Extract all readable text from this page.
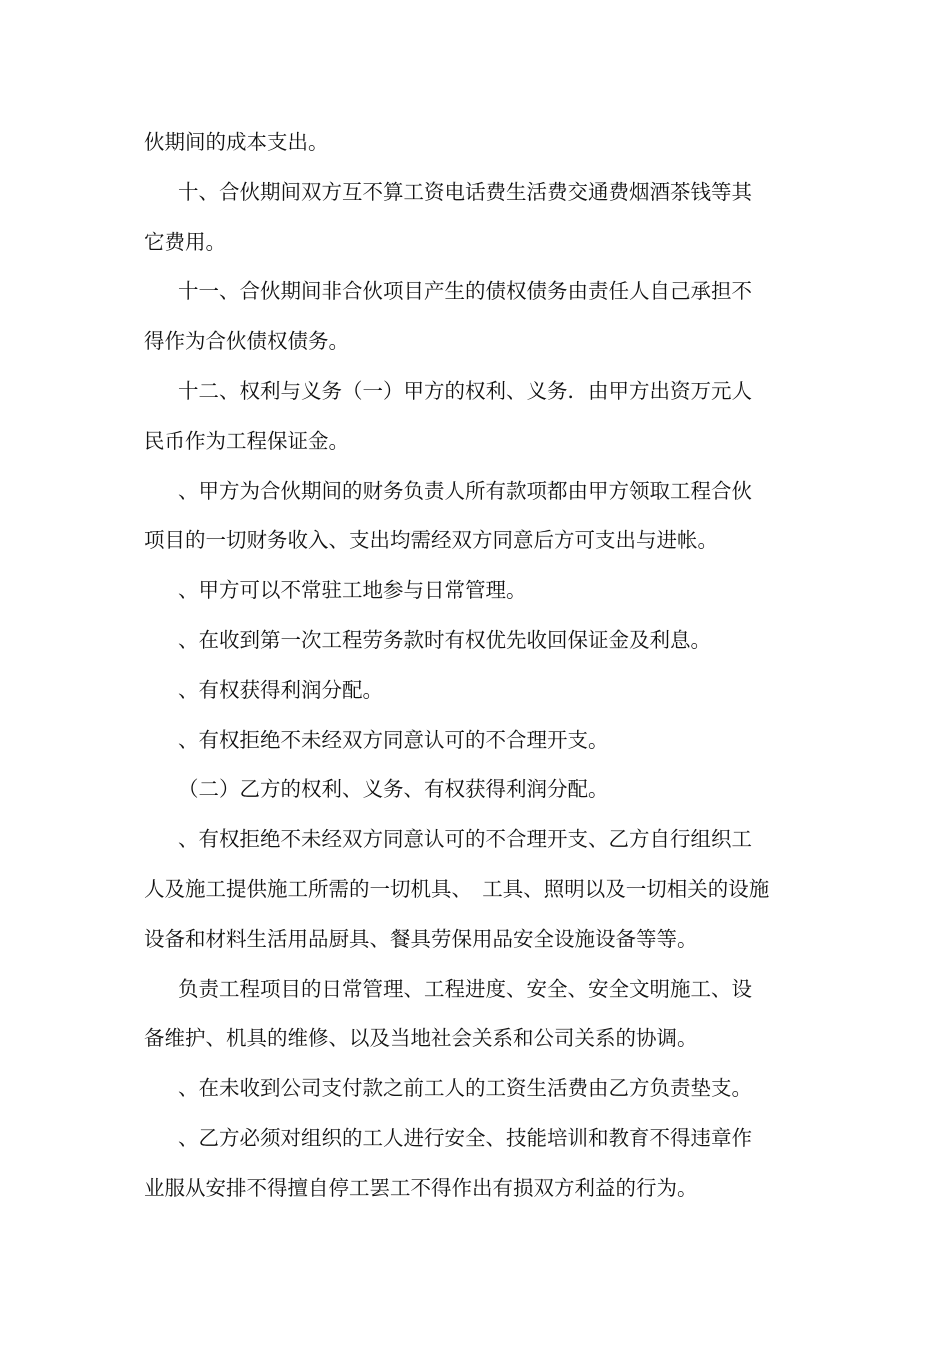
伙期间的成本支出。
十、合伙期间双方互不算工资电话费生活费交通费烟酒茶钱等其
它费用。
十一、合伙期间非合伙项目产生的债权债务由责任人自己承担不
得作为合伙债权债务。
十二、权利与义务（一）甲方的权利、义务．由甲方出资万元人
民币作为工程保证金。
、甲方为合伙期间的财务负责人所有款项都由甲方领取工程合伙
项目的一切财务收入、支出均需经双方同意后方可支出与进帐。
、甲方可以不常驻工地参与日常管理。
、在收到第一次工程劳务款时有权优先收回保证金及利息。
、有权获得利润分配。
、有权拒绝不未经双方同意认可的不合理开支。
（二）乙方的权利、义务、有权获得利润分配。
、有权拒绝不未经双方同意认可的不合理开支、乙方自行组织工
人及施工提供施工所需的一切机具、　工具、照明以及一切相关的设施
设备和材料生活用品厨具、餐具劳保用品安全设施设备等等。
负责工程项目的日常管理、工程进度、安全、安全文明施工、设
备维护、机具的维修、以及当地社会关系和公司关系的协调。
、在未收到公司支付款之前工人的工资生活费由乙方负责垫支。
、乙方必须对组织的工人进行安全、技能培训和教育不得违章作
业服从安排不得擅自停工罢工不得作出有损双方利益的行为。
